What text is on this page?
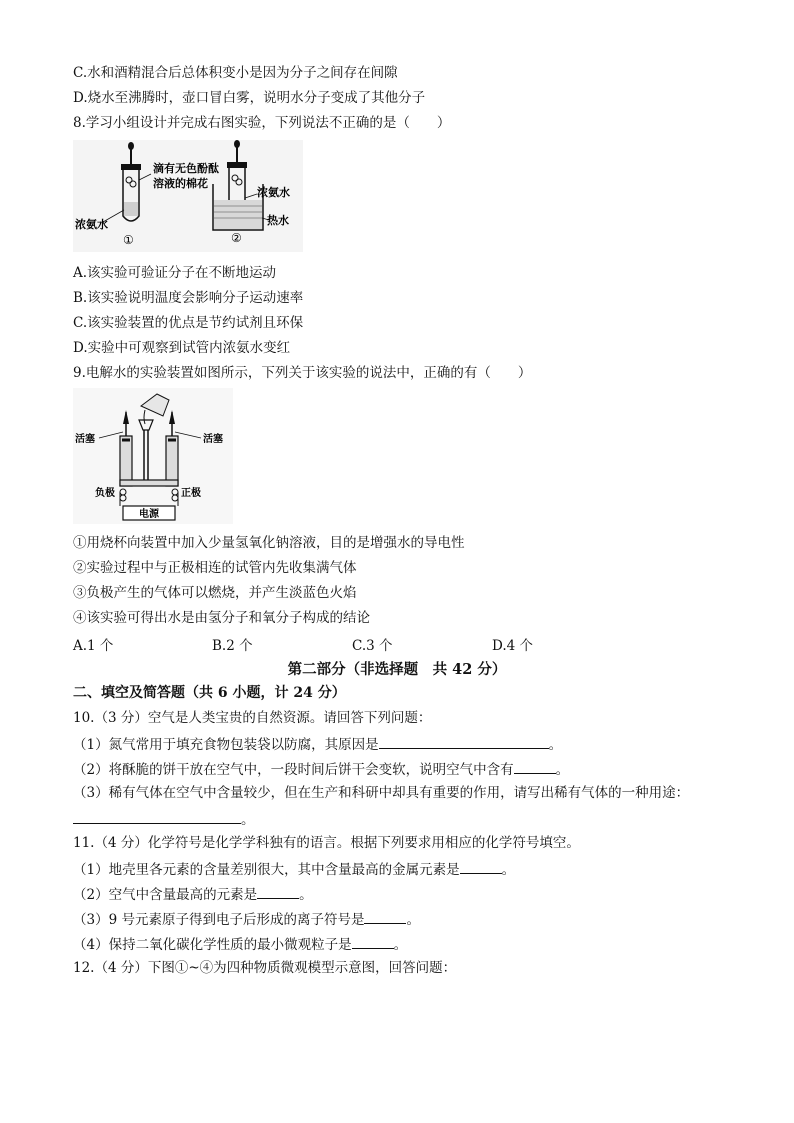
C.水和酒精混合后总体积变小是因为分子之间存在间隙
D.烧水至沸腾时，壶口冒白雾，说明水分子变成了其他分子
8.学习小组设计并完成右图实验，下列说法不正确的是（　　）
滴有无色酚酞
溶液的棉花
浓氨水
①
浓氨水
热水
②
A.该实验可验证分子在不断地运动
B.该实验说明温度会影响分子运动速率
C.该实验装置的优点是节约试剂且环保
D.实验中可观察到试管内浓氨水变红
9.电解水的实验装置如图所示，下列关于该实验的说法中，正确的有（　　）
电源
活塞	活塞
负极	正极
①用烧杯向装置中加入少量氢氧化钠溶液，目的是增强水的导电性
②实验过程中与正极相连的试管内先收集满气体
③负极产生的气体可以燃烧，并产生淡蓝色火焰
④该实验可得出水是由氢分子和氧分子构成的结论
A.1 个	B.2 个	C.3 个	D.4 个
第二部分（非选择题　共 42 分）
二、填空及简答题（共 6 小题，计 24 分）
10.（3 分）空气是人类宝贵的自然资源。请回答下列问题：
（1）氮气常用于填充食物包装袋以防腐，其原因是	。
（2）将酥脆的饼干放在空气中，一段时间后饼干会变软，说明空气中含有	。
（3）稀有气体在空气中含量较少，但在生产和科研中却具有重要的作用，请写出稀有气体的一种用途：
。
11.（4 分）化学符号是化学学科独有的语言。根据下列要求用相应的化学符号填空。
（1）地壳里各元素的含量差别很大，其中含量最高的金属元素是	。
（2）空气中含量最高的元素是	。
（3）9 号元素原子得到电子后形成的离子符号是	。
（4）保持二氧化碳化学性质的最小微观粒子是	。
12.（4 分）下图①~④为四种物质微观模型示意图，回答问题：
